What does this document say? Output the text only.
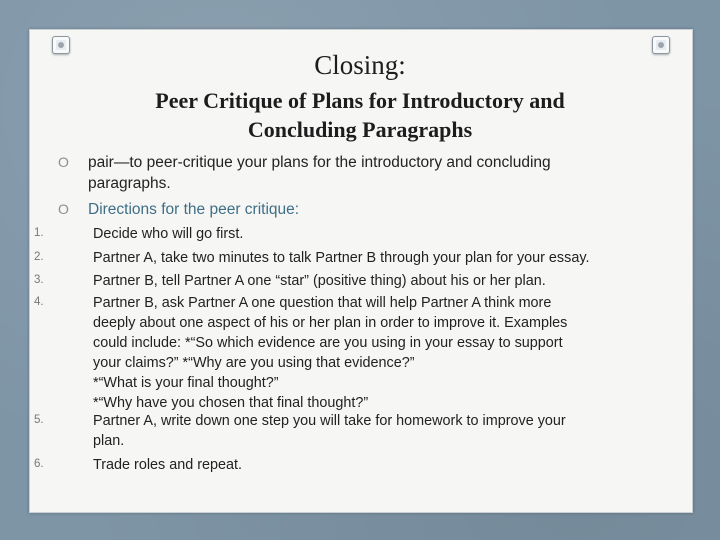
Closing:
Peer Critique of Plans for Introductory and
Concluding Paragraphs
O pair—to peer-critique your plans for the introductory and concluding
paragraphs.
O Directions for the peer critique:
1.	Decide who will go first.
2.	Partner A, take two minutes to talk Partner B through your plan for your essay.
3.	Partner B, tell Partner A one “star” (positive thing) about his or her plan.
4.	Partner B, ask Partner A one question that will help Partner A think more
deeply about one aspect of his or her plan in order to improve it. Examples
could include: *“So which evidence are you using in your essay to support
your claims?” *“Why are you using that evidence?”
*“What is your final thought?”
*“Why have you chosen that final thought?”
5.	Partner A, write down one step you will take for homework to improve your
plan.
6.	Trade roles and repeat.
